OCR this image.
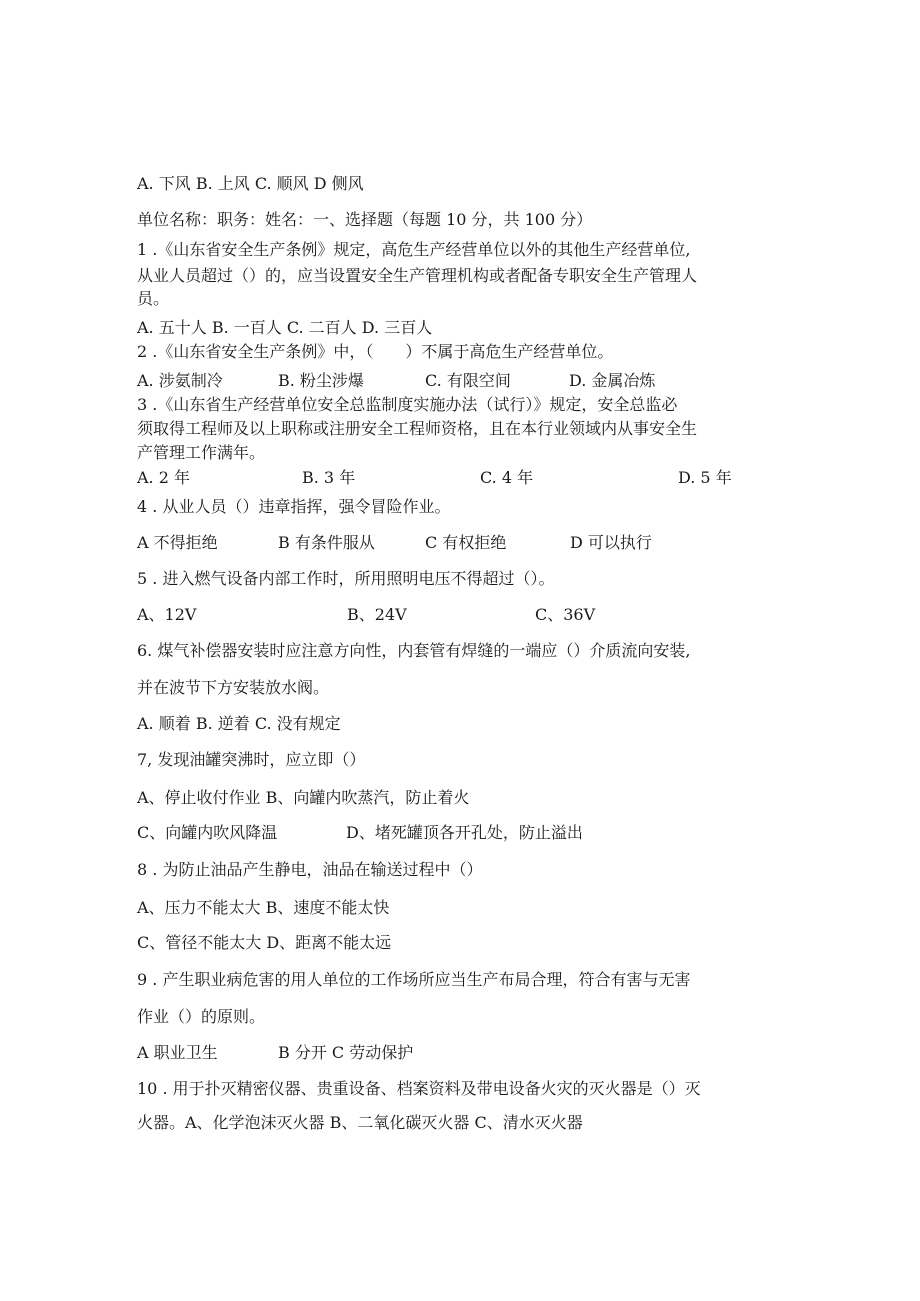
A. 下风 B. 上风 C. 顺风 D 侧风
单位名称：职务：姓名：一、选择题（每题 10 分，共 100 分）
1 .《山东省安全生产条例》规定，高危生产经营单位以外的其他生产经营单位,
从业人员超过（）的，应当设置安全生产管理机构或者配备专职安全生产管理人
员。
A. 五十人 B. 一百人 C. 二百人 D. 三百人
2 .《山东省安全生产条例》中，（　　）不属于高危生产经营单位。
A. 涉氨制冷	B. 粉尘涉爆	C. 有限空间	D. 金属冶炼
3 .《山东省生产经营单位安全总监制度实施办法（试行）》规定，安全总监必
须取得工程师及以上职称或注册安全工程师资格，且在本行业领域内从事安全生
产管理工作满年。
A. 2 年	B. 3 年	C. 4 年	D. 5 年
4 . 从业人员（）违章指挥，强令冒险作业。
A 不得拒绝	B 有条件服从	C 有权拒绝	D 可以执行
5 . 进入燃气设备内部工作时，所用照明电压不得超过（）。
A、12V	B、24V	C、36V
6. 煤气补偿器安装时应注意方向性，内套管有焊缝的一端应（）介质流向安装,
并在波节下方安装放水阀。
A. 顺着 B. 逆着 C. 没有规定
7, 发现油罐突沸时，应立即（）
A、停止收付作业 B、向罐内吹蒸汽，防止着火
C、向罐内吹风降温	D、堵死罐顶各开孔处，防止溢出
8 . 为防止油品产生静电，油品在输送过程中（）
A、压力不能太大 B、速度不能太快
C、管径不能太大 D、距离不能太远
9 . 产生职业病危害的用人单位的工作场所应当生产布局合理，符合有害与无害
作业（）的原则。
A 职业卫生	B 分开 C 劳动保护
10 . 用于扑灭精密仪器、贵重设备、档案资料及带电设备火灾的灭火器是（）灭
火器。A、化学泡沫灭火器 B、二氧化碳灭火器 C、清水灭火器
